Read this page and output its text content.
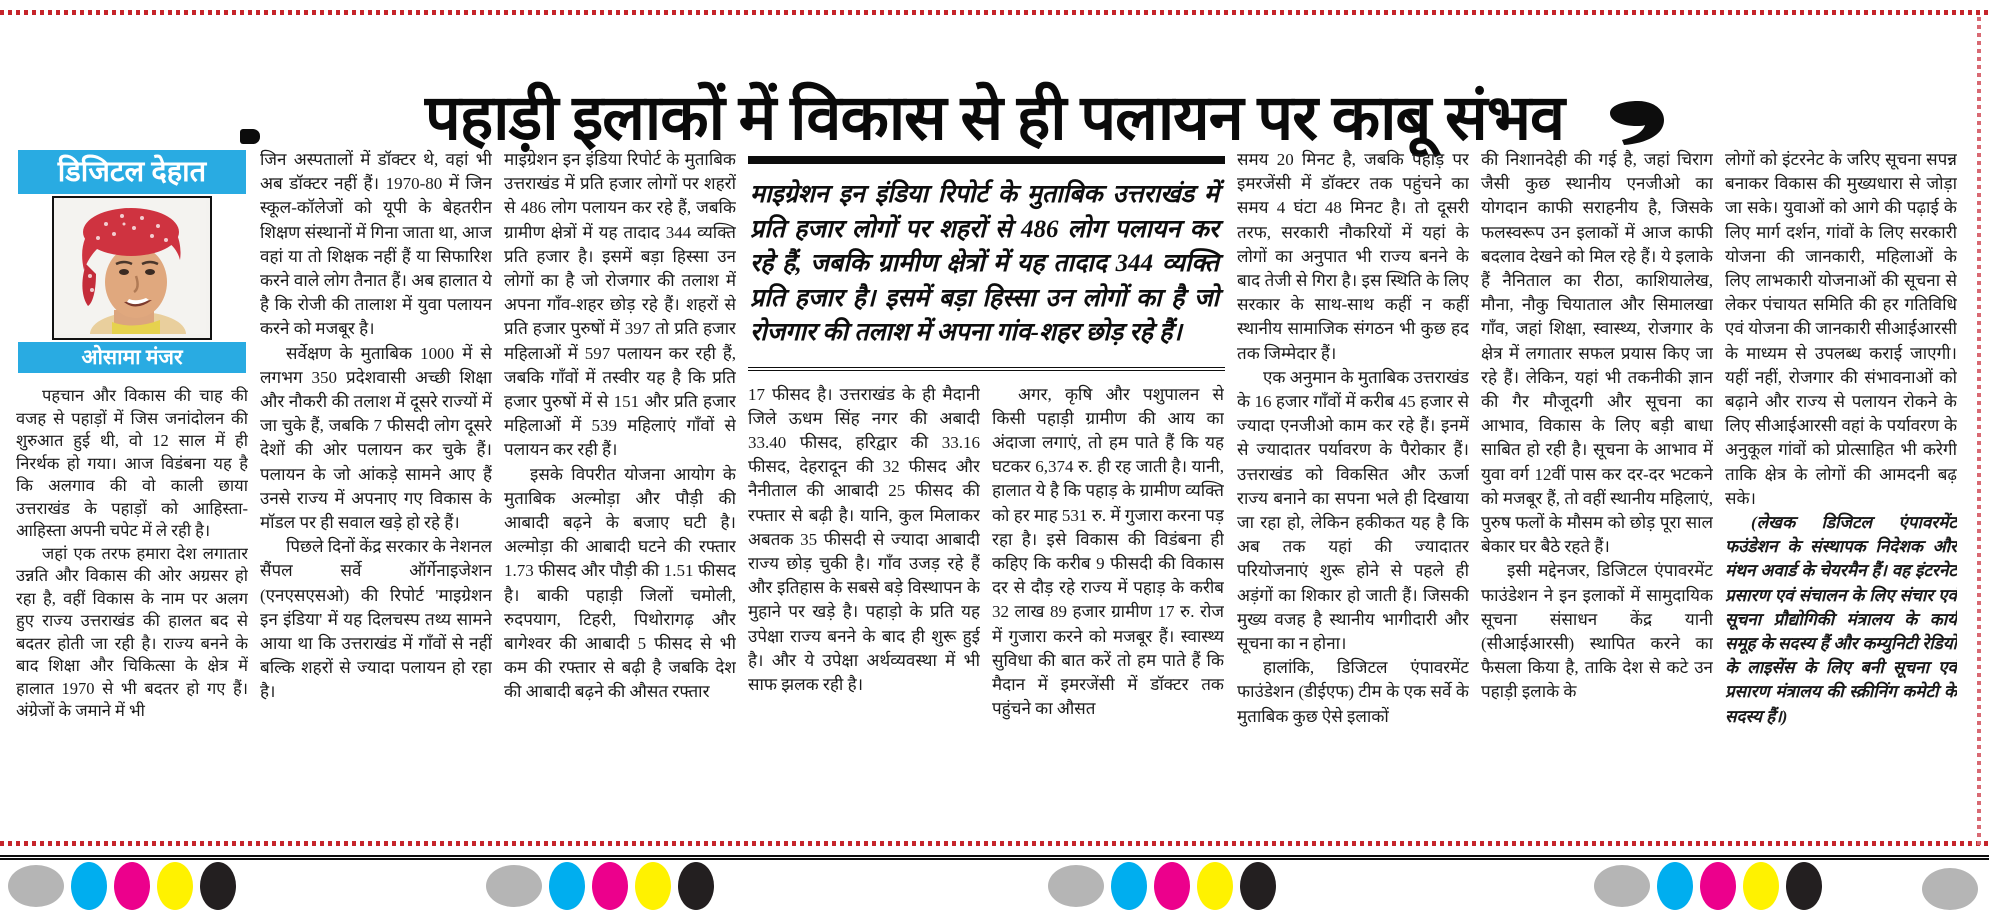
पहाड़ी इलाकों में विकास से ही पलायन पर काबू संभव
डिजिटल देहात
ओसामा मंजर

पहचान और विकास की चाह की वजह से पहाड़ों में जिस जनांदोलन की शुरुआत हुई थी, वो 12 साल में ही निरर्थक हो गया। आज विडंबना यह है कि अलगाव की वो काली छाया उत्तराखंड के पहाड़ों को आहिस्ता-आहिस्ता अपनी चपेट में ले रही है।

जहां एक तरफ हमारा देश लगातार उन्नति और विकास की ओर अग्रसर हो रहा है, वहीं विकास के नाम पर अलग हुए राज्य उत्तराखंड की हालत बद से बदतर होती जा रही है। राज्य बनने के बाद शिक्षा और चिकित्सा के क्षेत्र में हालात 1970 से भी बदतर हो गए हैं। अंग्रेजों के जमाने में भी

जिन अस्पतालों में डॉक्टर थे, वहां भी अब डॉक्टर नहीं हैं। 1970-80 में जिन स्कूल-कॉलेजों को यूपी के बेहतरीन शिक्षण संस्थानों में गिना जाता था, आज वहां या तो शिक्षक नहीं हैं या सिफारिश करने वाले लोग तैनात हैं। अब हालात ये है कि रोजी की तालाश में युवा पलायन करने को मजबूर है।

सर्वेक्षण के मुताबिक 1000 में से लगभग 350 प्रदेशवासी अच्छी शिक्षा और नौकरी की तलाश में दूसरे राज्यों में जा चुके हैं, जबकि 7 फीसदी लोग दूसरे देशों की ओर पलायन कर चुके हैं। पलायन के जो आंकड़े सामने आए हैं उनसे राज्य में अपनाए गए विकास के मॉडल पर ही सवाल खड़े हो रहे हैं।

पिछले दिनों केंद्र सरकार के नेशनल सैंपल सर्वे ऑर्गेनाइजेशन (एनएसएसओ) की रिपोर्ट 'माइग्रेशन इन इंडिया' में यह दिलचस्प तथ्य सामने आया था कि उत्तराखंड में गाँवों से नहीं बल्कि शहरों से ज्यादा पलायन हो रहा है।

माइग्रेशन इन इंडिया रिपोर्ट के मुताबिक उत्तराखंड में प्रति हजार लोगों पर शहरों से 486 लोग पलायन कर रहे हैं, जबकि ग्रामीण क्षेत्रों में यह तादाद 344 व्यक्ति प्रति हजार है। इसमें बड़ा हिस्सा उन लोगों का है जो रोजगार की तलाश में अपना गाँव-शहर छोड़ रहे हैं। शहरों से प्रति हजार पुरुषों में 397 तो प्रति हजार महिलाओं में 597 पलायन कर रही हैं, जबकि गाँवों में तस्वीर यह है कि प्रति हजार पुरुषों में से 151 और प्रति हजार महिलाओं में 539 महिलाएं गाँवों से पलायन कर रही हैं।

इसके विपरीत योजना आयोग के मुताबिक अल्मोड़ा और पौड़ी की आबादी बढ़ने के बजाए घटी है। अल्मोड़ा की आबादी घटने की रफ्तार 1.73 फीसद और पौड़ी की 1.51 फीसद है। बाकी पहाड़ी जिलों चमोली, रुदपयाग, टिहरी, पिथोरागढ़ और बागेश्वर की आबादी 5 फीसद से भी कम की रफ्तार से बढ़ी है जबकि देश की आबादी बढ़ने की औसत रफ्तार

माइग्रेशन इन इंडिया रिपोर्ट के मुताबिक उत्तराखंड में प्रति हजार लोगों पर शहरों से 486 लोग पलायन कर रहे हैं, जबकि ग्रामीण क्षेत्रों में यह तादाद 344 व्यक्ति प्रति हजार है। इसमें बड़ा हिस्सा उन लोगों का है जो रोजगार की तलाश में अपना गांव-शहर छोड़ रहे हैं।

17 फीसद है। उत्तराखंड के ही मैदानी जिले ऊधम सिंह नगर की अबादी 33.40 फीसद, हरिद्वार की 33.16 फीसद, देहरादून की 32 फीसद और नैनीताल की आबादी 25 फीसद की रफ्तार से बढ़ी है। यानि, कुल मिलाकर अबतक 35 फीसदी से ज्यादा आबादी राज्य छोड़ चुकी है। गाँव उजड़ रहे हैं और इतिहास के सबसे बड़े विस्थापन के मुहाने पर खड़े है। पहाड़ो के प्रति यह उपेक्षा राज्य बनने के बाद ही शुरू हुई है। और ये उपेक्षा अर्थव्यवस्था में भी साफ झलक रही है।

अगर, कृषि और पशुपालन से किसी पहाड़ी ग्रामीण की आय का अंदाजा लगाएं, तो हम पाते हैं कि यह घटकर 6,374 रु. ही रह जाती है। यानी, हालात ये है कि पहाड़ के ग्रामीण व्यक्ति को हर माह 531 रु. में गुजारा करना पड़ रहा है। इसे विकास की विडंबना ही कहिए कि करीब 9 फीसदी की विकास दर से दौड़ रहे राज्य में पहाड़ के करीब 32 लाख 89 हजार ग्रामीण 17 रु. रोज में गुजारा करने को मजबूर हैं। स्वास्थ्य सुविधा की बात करें तो हम पाते हैं कि मैदान में इमरजेंसी में डॉक्टर तक पहुंचने का औसत

समय 20 मिनट है, जबकि पहाड़ पर इमरजेंसी में डॉक्टर तक पहुंचने का समय 4 घंटा 48 मिनट है। तो दूसरी तरफ, सरकारी नौकरियों में यहां के लोगों का अनुपात भी राज्य बनने के बाद तेजी से गिरा है। इस स्थिति के लिए सरकार के साथ-साथ कहीं न कहीं स्थानीय सामाजिक संगठन भी कुछ हद तक जिम्मेदार हैं।

एक अनुमान के मुताबिक उत्तराखंड के 16 हजार गाँवों में करीब 45 हजार से ज्यादा एनजीओ काम कर रहे हैं। इनमें से ज्यादातर पर्यावरण के पैरोकार हैं। उत्तराखंड को विकसित और ऊर्जा राज्य बनाने का सपना भले ही दिखाया जा रहा हो, लेकिन हकीकत यह है कि अब तक यहां की ज्यादातर परियोजनाएं शुरू होने से पहले ही अड़ंगों का शिकार हो जाती हैं। जिसकी मुख्य वजह है स्थानीय भागीदारी और सूचना का न होना।

हालांकि, डिजिटल एंपावरमेंट फाउंडेशन (डीईएफ) टीम के एक सर्वे के मुताबिक कुछ ऐसे इलाकों

की निशानदेही की गई है, जहां चिराग जैसी कुछ स्थानीय एनजीओ का योगदान काफी सराहनीय है, जिसके फलस्वरूप उन इलाकों में आज काफी बदलाव देखने को मिल रहे हैं। ये इलाके हैं नैनिताल का रीठा, काशियालेख, मौना, नौकु चियाताल और सिमालखा गाँव, जहां शिक्षा, स्वास्थ्य, रोजगार के क्षेत्र में लगातार सफल प्रयास किए जा रहे हैं। लेकिन, यहां भी तकनीकी ज्ञान की गैर मौजूदगी और सूचना का आभाव, विकास के लिए बड़ी बाधा साबित हो रही है। सूचना के आभाव में युवा वर्ग 12वीं पास कर दर-दर भटकने को मजबूर हैं, तो वहीं स्थानीय महिलाएं, पुरुष फलों के मौसम को छोड़ पूरा साल बेकार घर बैठे रहते हैं।

इसी मद्देनजर, डिजिटल एंपावरमेंट फाउंडेशन ने इन इलाकों में सामुदायिक सूचना संसाधन केंद्र यानी (सीआईआरसी) स्थापित करने का फैसला किया है, ताकि देश से कटे उन पहाड़ी इलाके के

लोगों को इंटरनेट के जरिए सूचना सपन्न बनाकर विकास की मुख्यधारा से जोड़ा जा सके। युवाओं को आगे की पढ़ाई के लिए मार्ग दर्शन, गांवों के लिए सरकारी योजना की जानकारी, महिलाओं के लिए लाभकारी योजनाओं की सूचना से लेकर पंचायत समिति की हर गतिविधि एवं योजना की जानकारी सीआईआरसी के माध्यम से उपलब्ध कराई जाएगी। यहीं नहीं, रोजगार की संभावनाओं को बढ़ाने और राज्य से पलायन रोकने के लिए सीआईआरसी वहां के पर्यावरण के अनुकूल गांवों को प्रोत्साहित भी करेगी ताकि क्षेत्र के लोगों की आमदनी बढ़ सके।

(लेखक डिजिटल एंपावरमेंट फउंडेशन के संस्थापक निदेशक और मंथन अवार्ड के चेयरमैन हैं। वह इंटरनेट प्रसारण एवं संचालन के लिए संचार एवं सूचना प्रौद्योगिकी मंत्रालय के कार्य समूह के सदस्य हैं और कम्युनिटी रेडियो के लाइसेंस के लिए बनी सूचना एवं प्रसारण मंत्रालय की स्क्रीनिंग कमेटी के सदस्य हैं।)
